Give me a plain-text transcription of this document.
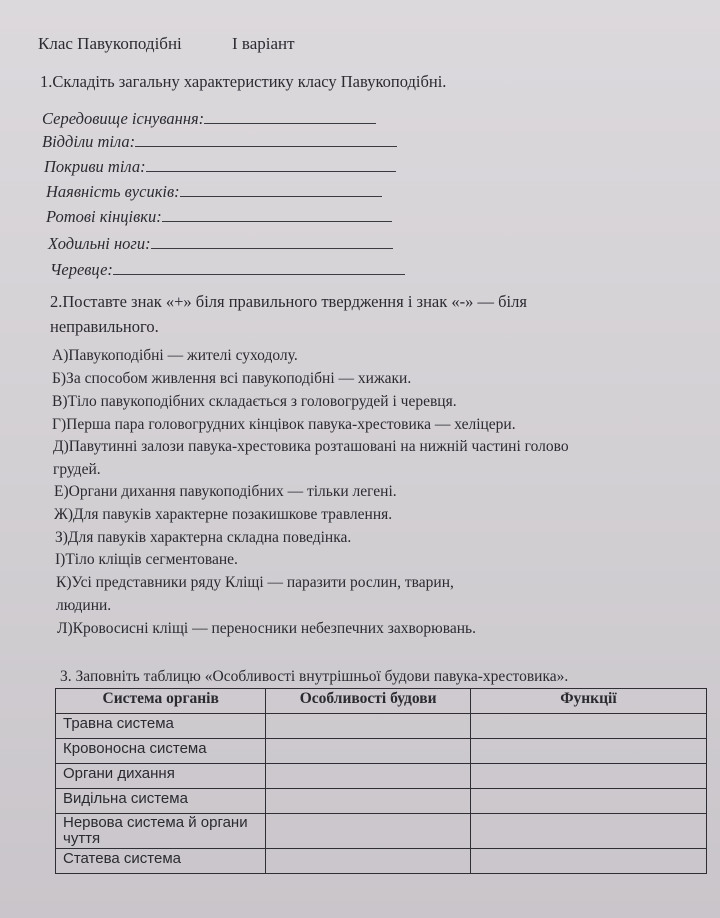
Клас Павукоподібні	I варіант
1.Складіть загальну характеристику класу Павукоподібні.
Середовище існування:
Відділи тіла:
Покриви тіла:
Наявність вусиків:
Ротові кінцівки:
Ходильні ноги:
Черевце:
2.Поставте знак «+» біля правильного твердження і знак «-» — біля
неправильного.
А)Павукоподібні — жителі суходолу.
Б)За способом живлення всі павукоподібні — хижаки.
В)Тіло павукоподібних складається з головогрудей і черевця.
Г)Перша пара головогрудних кінцівок павука-хрестовика — хеліцери.
Д)Павутинні залози павука-хрестовика розташовані на нижній частині голово
грудей.
Е)Органи дихання павукоподібних — тільки легені.
Ж)Для павуків характерне позакишкове травлення.
З)Для павуків характерна складна поведінка.
І)Тіло кліщів сегментоване.
К)Усі представники ряду Кліщі — паразити рослин, тварин,
людини.
Л)Кровосисні кліщі — переносники небезпечних захворювань.
3. Заповніть таблицю «Особливості внутрішньої будови павука-хрестовика».
Система органів	Особливості будови	Функції
Травна система		
Кровоносна система		
Органи дихання		
Видільна система		
Нервова система й органи чуття		
Статева система		
